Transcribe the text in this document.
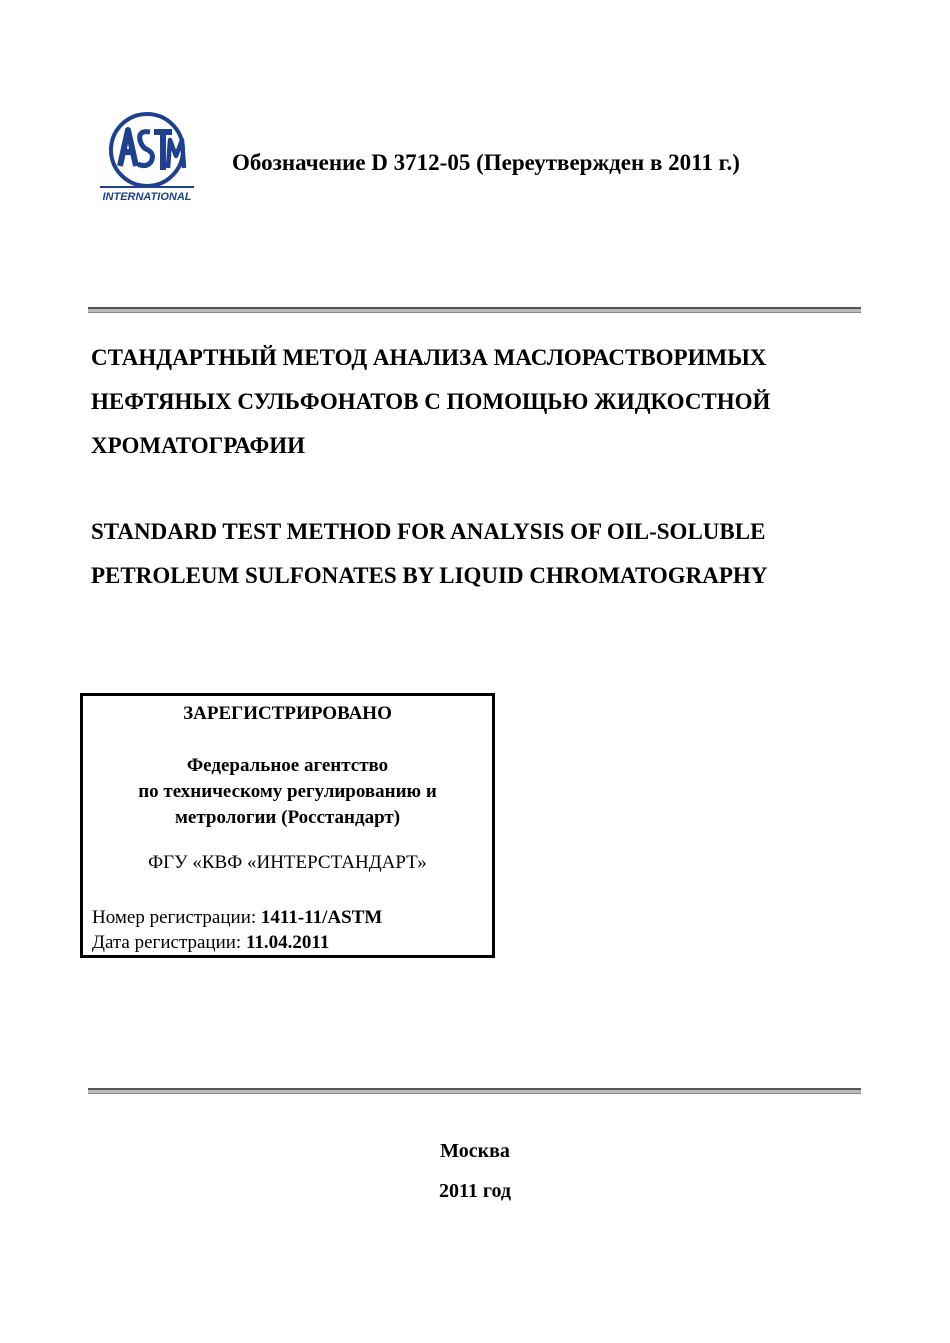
INTERNATIONAL
Обозначение D 3712-05 (Переутвержден в 2011 г.)
СТАНДАРТНЫЙ МЕТОД АНАЛИЗА МАСЛОРАСТВОРИМЫХ
НЕФТЯНЫХ СУЛЬФОНАТОВ С ПОМОЩЬЮ ЖИДКОСТНОЙ
ХРОМАТОГРАФИИ
STANDARD TEST METHOD FOR ANALYSIS OF OIL-SOLUBLE
PETROLEUM SULFONATES BY LIQUID CHROMATOGRAPHY
ЗАРЕГИСТРИРОВАНО
Федеральное агентство
по техническому регулированию и
метрологии (Росстандарт)
ФГУ «КВФ «ИНТЕРСТАНДАРТ»
Номер регистрации: 1411-11/ASTM
Дата регистрации: 11.04.2011
Москва
2011 год
